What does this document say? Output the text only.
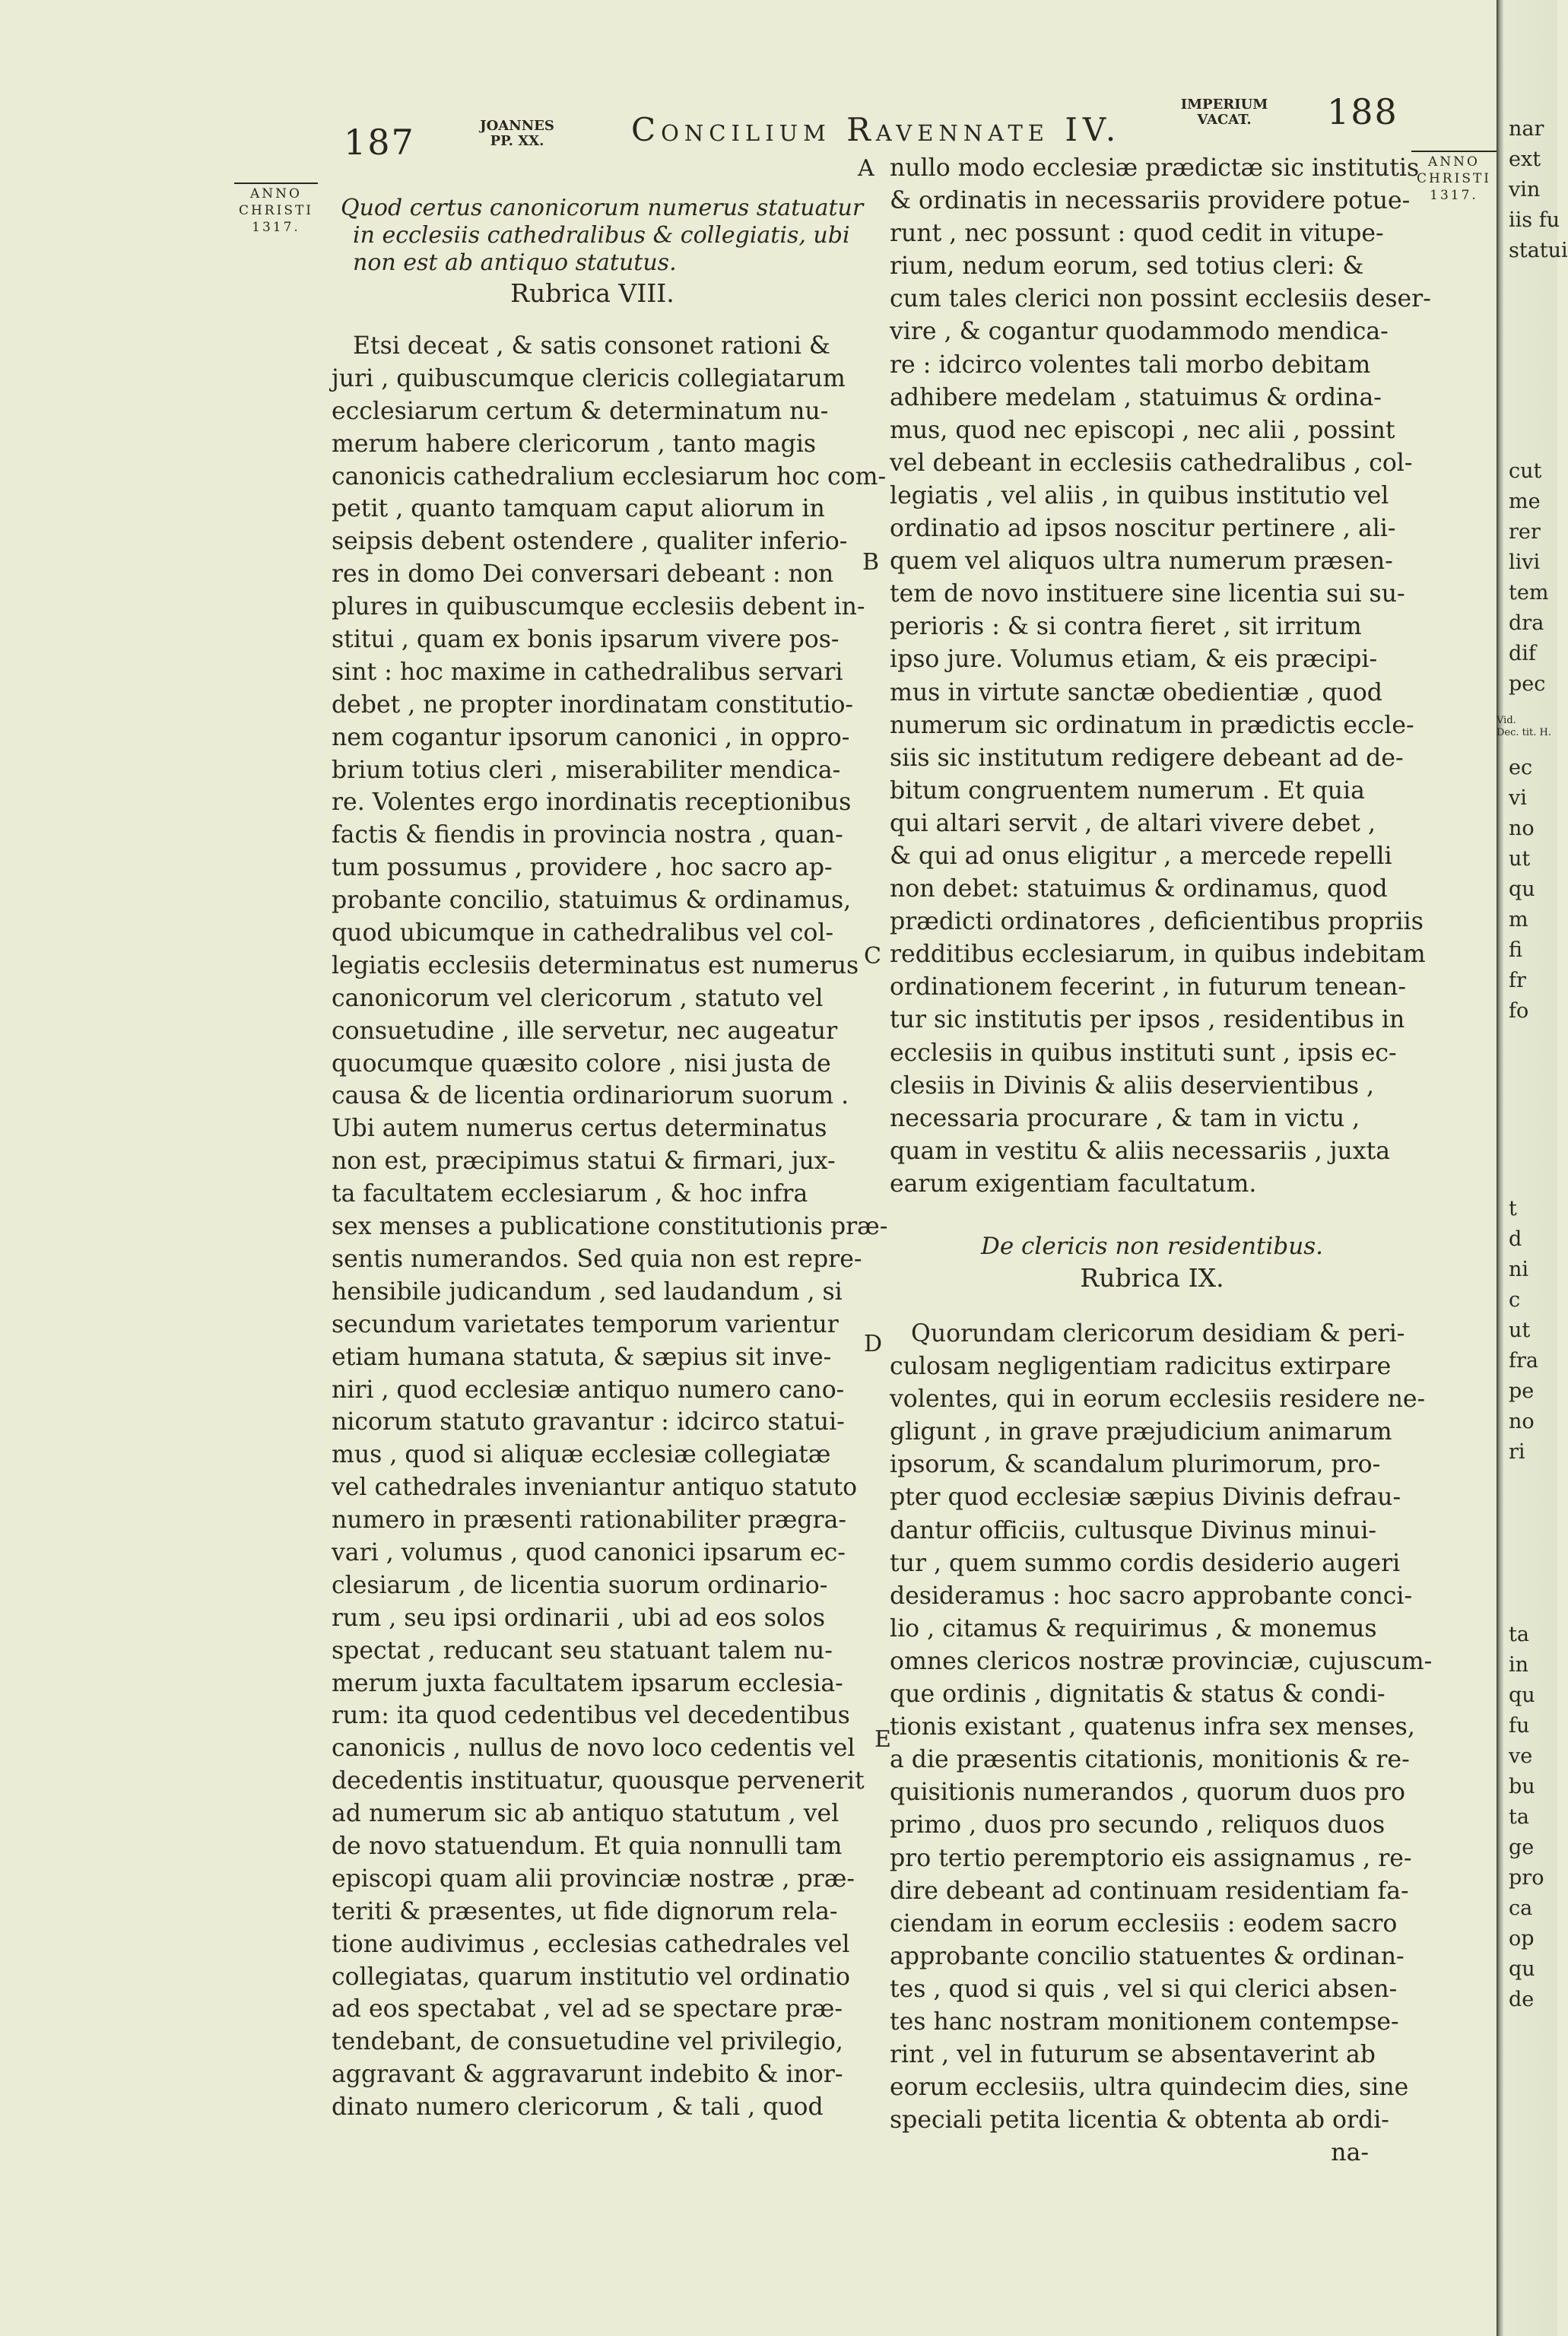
187	JOANNES
PP. XX.	Concilium Ravennate IV.
IMPERIUM
VACAT.	188
ANNO
CHRISTI
1317.
ANNO
CHRISTI
1317.
A
B
C
D
E
Quod certus canonicorum numerus statuatur
in ecclesiis cathedralibus & collegiatis, ubi
non est ab antiquo statutus.
Rubrica VIII.
Etsi deceat , & satis consonet rationi &
juri , quibuscumque clericis collegiatarum
ecclesiarum certum & determinatum nu-
merum habere clericorum , tanto magis
canonicis cathedralium ecclesiarum hoc com-
petit , quanto tamquam caput aliorum in
seipsis debent ostendere , qualiter inferio-
res in domo Dei conversari debeant : non
plures in quibuscumque ecclesiis debent in-
stitui , quam ex bonis ipsarum vivere pos-
sint : hoc maxime in cathedralibus servari
debet , ne propter inordinatam constitutio-
nem cogantur ipsorum canonici , in oppro-
brium totius cleri , miserabiliter mendica-
re. Volentes ergo inordinatis receptionibus
factis & fiendis in provincia nostra , quan-
tum possumus , providere , hoc sacro ap-
probante concilio, statuimus & ordinamus,
quod ubicumque in cathedralibus vel col-
legiatis ecclesiis determinatus est numerus
canonicorum vel clericorum , statuto vel
consuetudine , ille servetur, nec augeatur
quocumque quæsito colore , nisi justa de
causa & de licentia ordinariorum suorum .
Ubi autem numerus certus determinatus
non est, præcipimus statui & firmari, jux-
ta facultatem ecclesiarum , & hoc infra
sex menses a publicatione constitutionis præ-
sentis numerandos. Sed quia non est repre-
hensibile judicandum , sed laudandum , si
secundum varietates temporum varientur
etiam humana statuta, & sæpius sit inve-
niri , quod ecclesiæ antiquo numero cano-
nicorum statuto gravantur : idcirco statui-
mus , quod si aliquæ ecclesiæ collegiatæ
vel cathedrales inveniantur antiquo statuto
numero in præsenti rationabiliter prægra-
vari , volumus , quod canonici ipsarum ec-
clesiarum , de licentia suorum ordinario-
rum , seu ipsi ordinarii , ubi ad eos solos
spectat , reducant seu statuant talem nu-
merum juxta facultatem ipsarum ecclesia-
rum: ita quod cedentibus vel decedentibus
canonicis , nullus de novo loco cedentis vel
decedentis instituatur, quousque pervenerit
ad numerum sic ab antiquo statutum , vel
de novo statuendum. Et quia nonnulli tam
episcopi quam alii provinciæ nostræ , præ-
teriti & præsentes, ut fide dignorum rela-
tione audivimus , ecclesias cathedrales vel
collegiatas, quarum institutio vel ordinatio
ad eos spectabat , vel ad se spectare præ-
tendebant, de consuetudine vel privilegio,
aggravant & aggravarunt indebito & inor-
dinato numero clericorum , & tali , quod
nullo modo ecclesiæ prædictæ sic institutis
& ordinatis in necessariis providere potue-
runt , nec possunt : quod cedit in vitupe-
rium, nedum eorum, sed totius cleri: &
cum tales clerici non possint ecclesiis deser-
vire , & cogantur quodammodo mendica-
re : idcirco volentes tali morbo debitam
adhibere medelam , statuimus & ordina-
mus, quod nec episcopi , nec alii , possint
vel debeant in ecclesiis cathedralibus , col-
legiatis , vel aliis , in quibus institutio vel
ordinatio ad ipsos noscitur pertinere , ali-
quem vel aliquos ultra numerum præsen-
tem de novo instituere sine licentia sui su-
perioris : & si contra fieret , sit irritum
ipso jure. Volumus etiam, & eis præcipi-
mus in virtute sanctæ obedientiæ , quod
numerum sic ordinatum in prædictis eccle-
siis sic institutum redigere debeant ad de-
bitum congruentem numerum . Et quia
qui altari servit , de altari vivere debet ,
& qui ad onus eligitur , a mercede repelli
non debet: statuimus & ordinamus, quod
prædicti ordinatores , deficientibus propriis
redditibus ecclesiarum, in quibus indebitam
ordinationem fecerint , in futurum tenean-
tur sic institutis per ipsos , residentibus in
ecclesiis in quibus instituti sunt , ipsis ec-
clesiis in Divinis & aliis deservientibus ,
necessaria procurare , & tam in victu ,
quam in vestitu & aliis necessariis , juxta
earum exigentiam facultatum.
De clericis non residentibus.
Rubrica IX.
Quorundam clericorum desidiam & peri-
culosam negligentiam radicitus extirpare
volentes, qui in eorum ecclesiis residere ne-
gligunt , in grave præjudicium animarum
ipsorum, & scandalum plurimorum, pro-
pter quod ecclesiæ sæpius Divinis defrau-
dantur officiis, cultusque Divinus minui-
tur , quem summo cordis desiderio augeri
desideramus : hoc sacro approbante conci-
lio , citamus & requirimus , & monemus
omnes clericos nostræ provinciæ, cujuscum-
que ordinis , dignitatis & status & condi-
tionis existant , quatenus infra sex menses,
a die præsentis citationis, monitionis & re-
quisitionis numerandos , quorum duos pro
primo , duos pro secundo , reliquos duos
pro tertio peremptorio eis assignamus , re-
dire debeant ad continuam residentiam fa-
ciendam in eorum ecclesiis : eodem sacro
approbante concilio statuentes & ordinan-
tes , quod si quis , vel si qui clerici absen-
tes hanc nostram monitionem contempse-
rint , vel in futurum se absentaverint ab
eorum ecclesiis, ultra quindecim dies, sine
speciali petita licentia & obtenta ab ordi-
na-
nar
ext
vin
iis fu
statui
cut
me
rer
livi
tem
dra
dif
pec
Vid.
Dec. tit. H.
ec
vi
no
ut
qu
m
fi
fr
fo
t
d
ni
c
ut
fra
pe
no
ri
ta
in
qu
fu
ve
bu
ta
ge
pro
ca
op
qu
de
